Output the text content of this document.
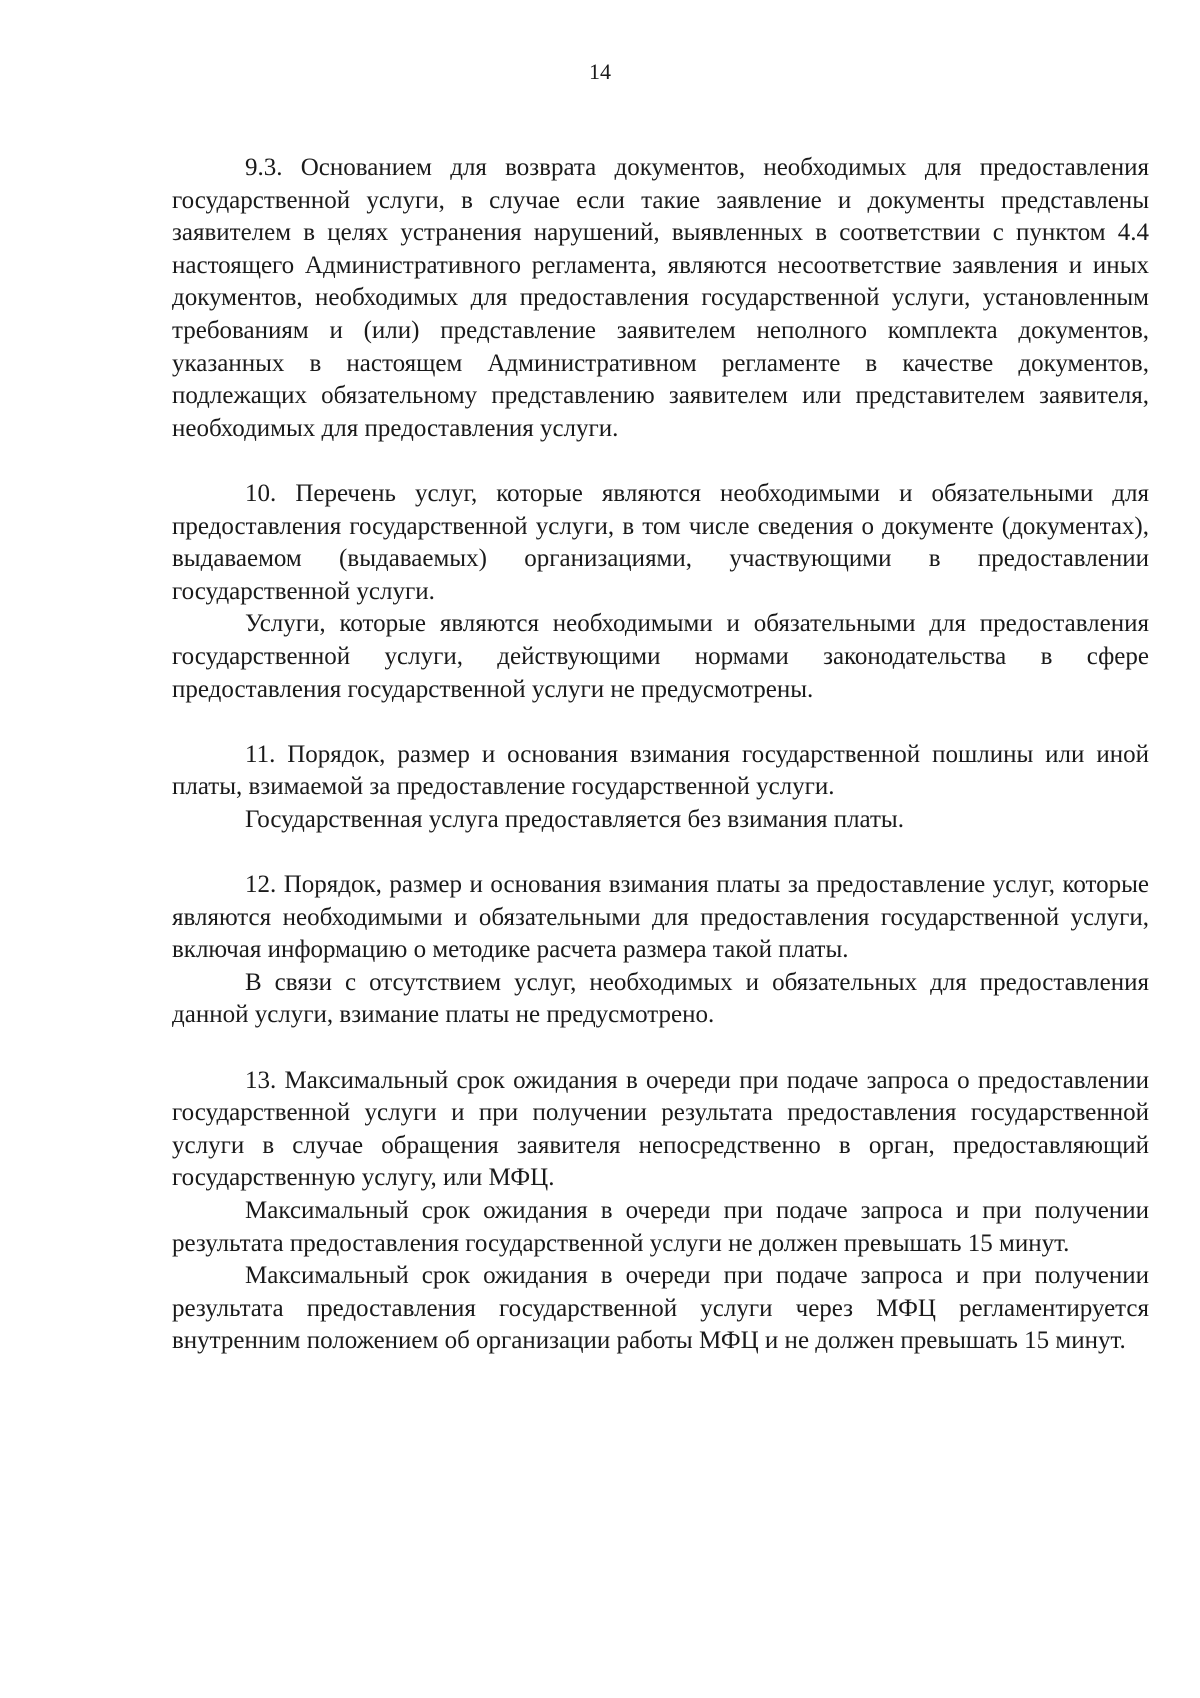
14

9.3. Основанием для возврата документов, необходимых для предоставления государственной услуги, в случае если такие заявление и документы представлены заявителем в целях устранения нарушений, выявленных в соответствии с пунктом 4.4 настоящего Административного регламента, являются несоответствие заявления и иных документов, необходимых для предоставления государственной услуги, установленным требованиям и (или) представление заявителем неполного комплекта документов, указанных в настоящем Административном регламенте в качестве документов, подлежащих обязательному представлению заявителем или представителем заявителя, необходимых для предоставления услуги.

10. Перечень услуг, которые являются необходимыми и обязательными для предоставления государственной услуги, в том числе сведения о документе (документах), выдаваемом (выдаваемых) организациями, участвующими в предоставлении государственной услуги.

Услуги, которые являются необходимыми и обязательными для предоставления государственной услуги, действующими нормами законодательства в сфере предоставления государственной услуги не предусмотрены.

11. Порядок, размер и основания взимания государственной пошлины или иной платы, взимаемой за предоставление государственной услуги.

Государственная услуга предоставляется без взимания платы.

12. Порядок, размер и основания взимания платы за предоставление услуг, которые являются необходимыми и обязательными для предоставления государственной услуги, включая информацию о методике расчета размера такой платы.

В связи с отсутствием услуг, необходимых и обязательных для предоставления данной услуги, взимание платы не предусмотрено.

13. Максимальный срок ожидания в очереди при подаче запроса о предоставлении государственной услуги и при получении результата предоставления государственной услуги в случае обращения заявителя непосредственно в орган, предоставляющий государственную услугу, или МФЦ.

Максимальный срок ожидания в очереди при подаче запроса и при получении результата предоставления государственной услуги не должен превышать 15 минут.

Максимальный срок ожидания в очереди при подаче запроса и при получении результата предоставления государственной услуги через МФЦ регламентируется внутренним положением об организации работы МФЦ и не должен превышать 15 минут.
